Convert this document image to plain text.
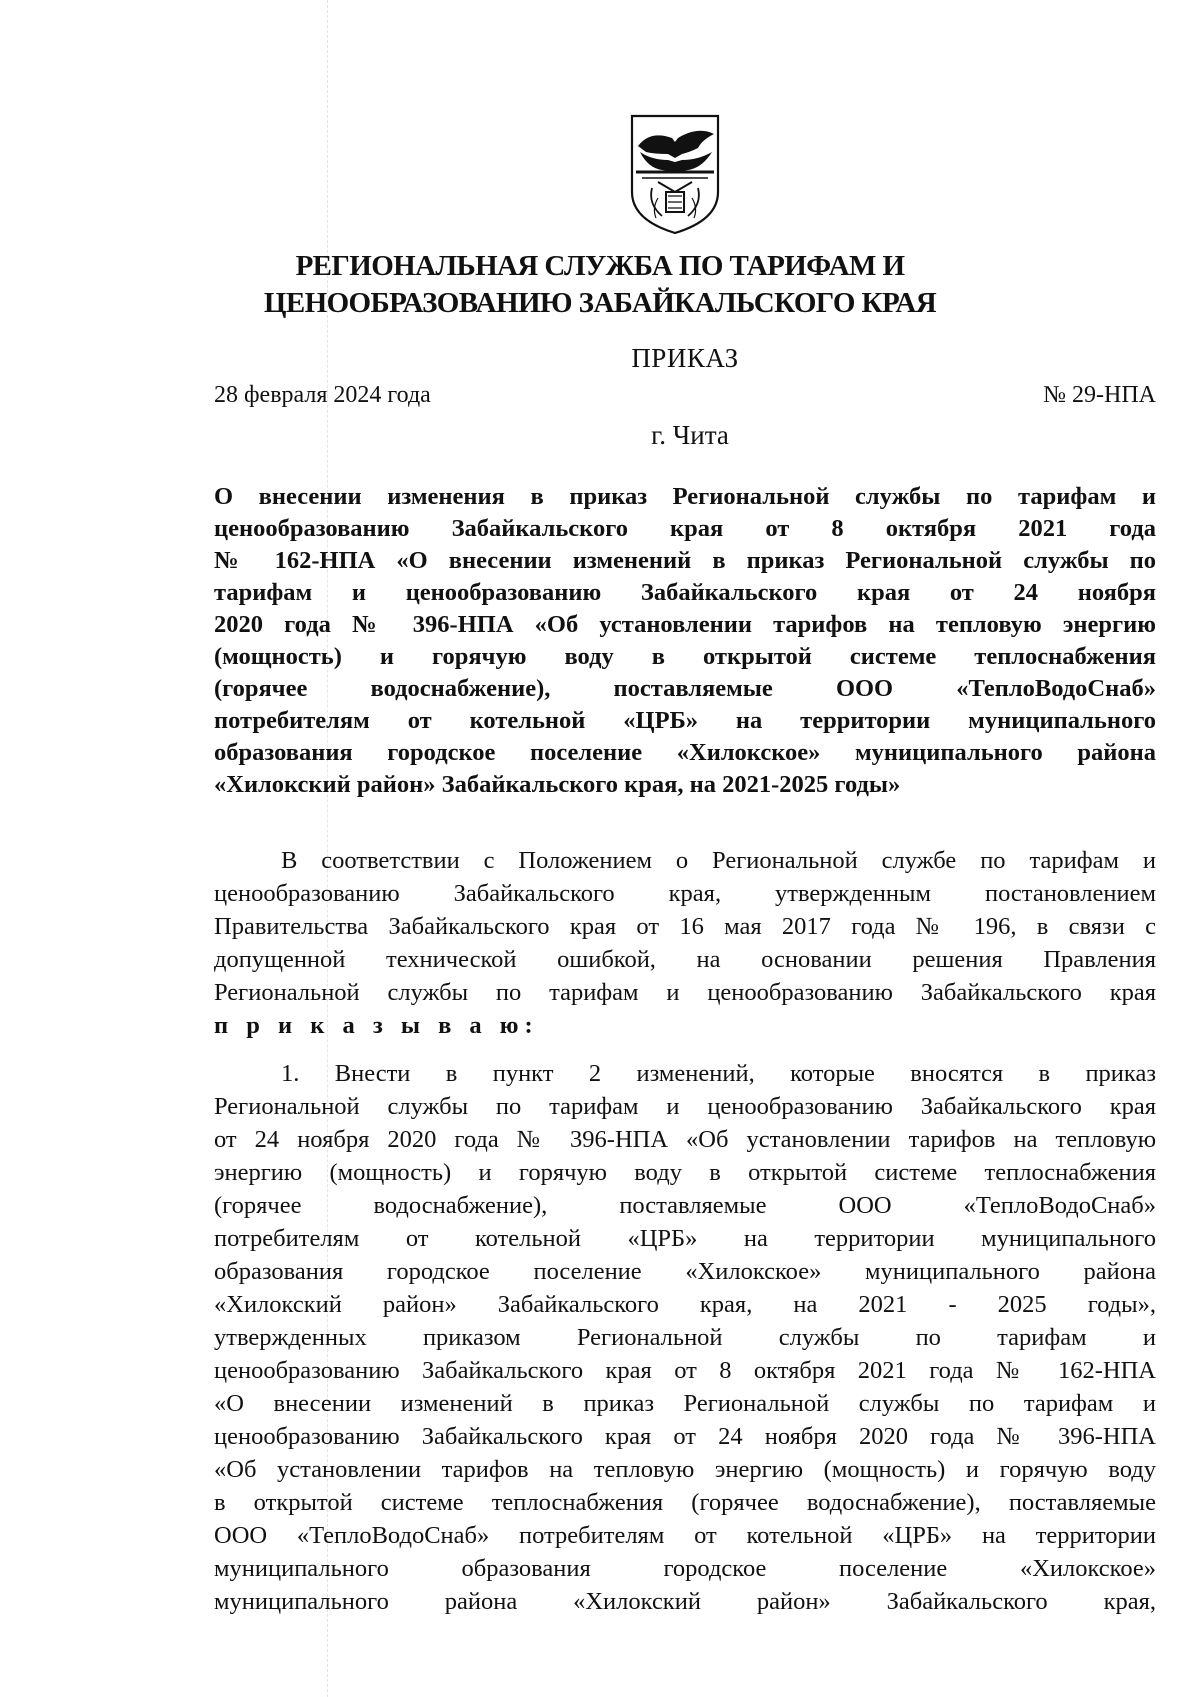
РЕГИОНАЛЬНАЯ СЛУЖБА ПО ТАРИФАМ И
ЦЕНООБРАЗОВАНИЮ ЗАБАЙКАЛЬСКОГО КРАЯ
ПРИКАЗ
28 февраля 2024 года	№ 29-НПА
г. Чита
О внесении изменения в приказ Региональной службы по тарифам и
ценообразованию Забайкальского края от 8 октября 2021 года
№ 162-НПА «О внесении изменений в приказ Региональной службы по
тарифам и ценообразованию Забайкальского края от 24 ноября
2020 года № 396-НПА «Об установлении тарифов на тепловую энергию
(мощность) и горячую воду в открытой системе теплоснабжения
(горячее водоснабжение), поставляемые ООО «ТеплоВодоСнаб»
потребителям от котельной «ЦРБ» на территории муниципального
образования городское поселение «Хилокское» муниципального района
«Хилокский район» Забайкальского края, на 2021-2025 годы»
В соответствии с Положением о Региональной службе по тарифам и
ценообразованию Забайкальского края, утвержденным постановлением
Правительства Забайкальского края от 16 мая 2017 года № 196, в связи с
допущенной технической ошибкой, на основании решения Правления
Региональной службы по тарифам и ценообразованию Забайкальского края
п р и к а з ы в а ю:
1. Внести в пункт 2 изменений, которые вносятся в приказ
Региональной службы по тарифам и ценообразованию Забайкальского края
от 24 ноября 2020 года № 396-НПА «Об установлении тарифов на тепловую
энергию (мощность) и горячую воду в открытой системе теплоснабжения
(горячее водоснабжение), поставляемые ООО «ТеплоВодоСнаб»
потребителям от котельной «ЦРБ» на территории муниципального
образования городское поселение «Хилокское» муниципального района
«Хилокский район» Забайкальского края, на 2021 - 2025 годы»,
утвержденных приказом Региональной службы по тарифам и
ценообразованию Забайкальского края от 8 октября 2021 года № 162-НПА
«О внесении изменений в приказ Региональной службы по тарифам и
ценообразованию Забайкальского края от 24 ноября 2020 года № 396-НПА
«Об установлении тарифов на тепловую энергию (мощность) и горячую воду
в открытой системе теплоснабжения (горячее водоснабжение), поставляемые
ООО «ТеплоВодоСнаб» потребителям от котельной «ЦРБ» на территории
муниципального образования городское поселение «Хилокское»
муниципального района «Хилокский район» Забайкальского края,
